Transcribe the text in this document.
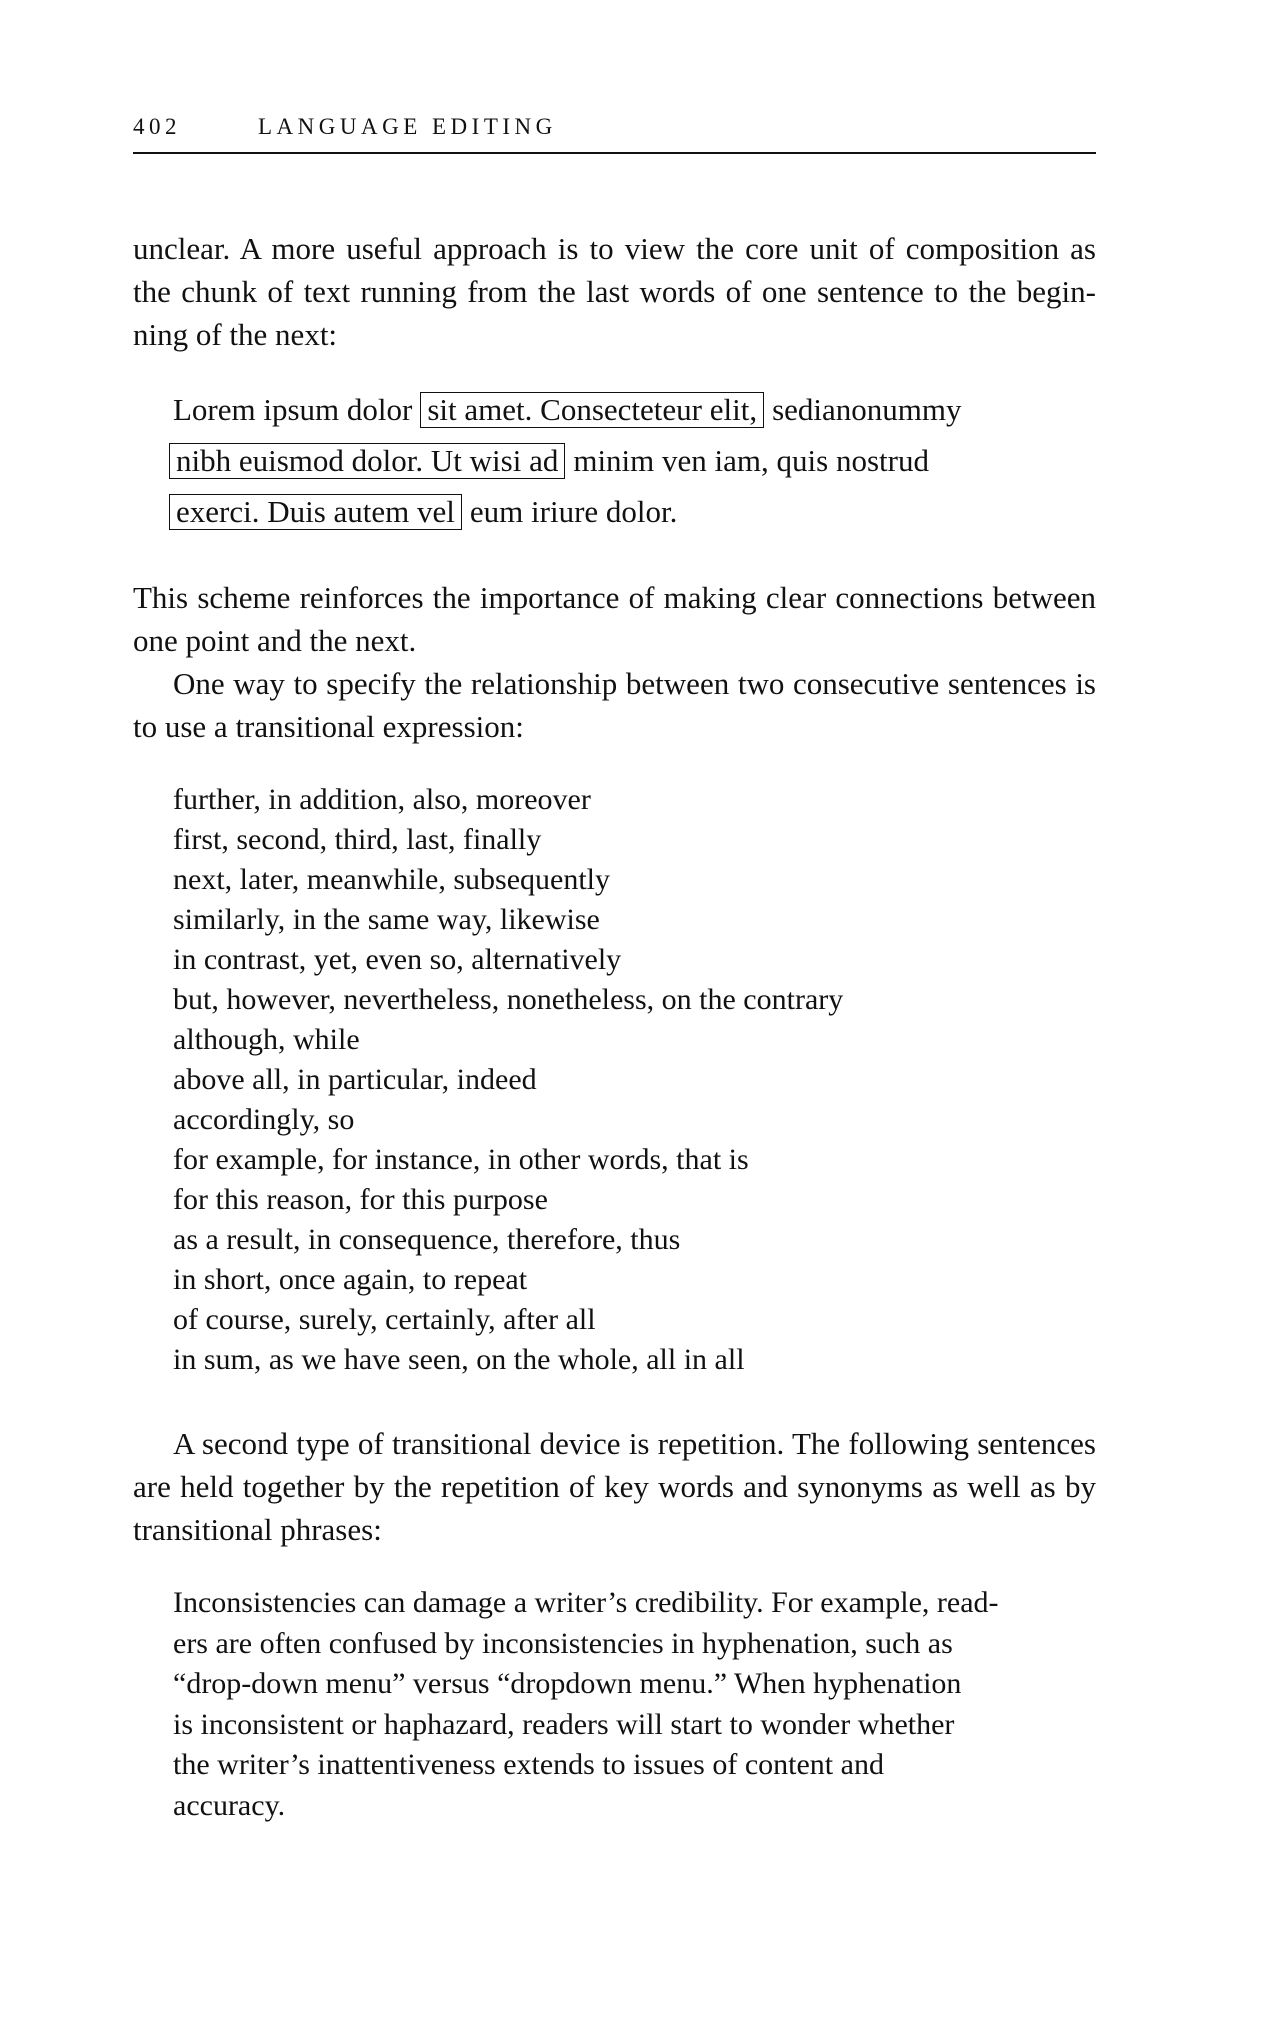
402	LANGUAGE EDITING

unclear. A more useful approach is to view the core unit of composition as
the chunk of text running from the last words of one sentence to the begin-
ning of the next:

Lorem ipsum dolor sit amet. Consecteteur elit, sedianonummy
nibh euismod dolor. Ut wisi ad minim ven iam, quis nostrud
exerci. Duis autem vel eum iriure dolor.

This scheme reinforces the importance of making clear connections between
one point and the next.

One way to specify the relationship between two consecutive sentences is
to use a transitional expression:

further, in addition, also, moreover
first, second, third, last, finally
next, later, meanwhile, subsequently
similarly, in the same way, likewise
in contrast, yet, even so, alternatively
but, however, nevertheless, nonetheless, on the contrary
although, while
above all, in particular, indeed
accordingly, so
for example, for instance, in other words, that is
for this reason, for this purpose
as a result, in consequence, therefore, thus
in short, once again, to repeat
of course, surely, certainly, after all
in sum, as we have seen, on the whole, all in all

A second type of transitional device is repetition. The following sentences
are held together by the repetition of key words and synonyms as well as by
transitional phrases:

Inconsistencies can damage a writer’s credibility. For example, read-
ers are often confused by inconsistencies in hyphenation, such as
“drop-down menu” versus “dropdown menu.” When hyphenation
is inconsistent or haphazard, readers will start to wonder whether
the writer’s inattentiveness extends to issues of content and
accuracy.
